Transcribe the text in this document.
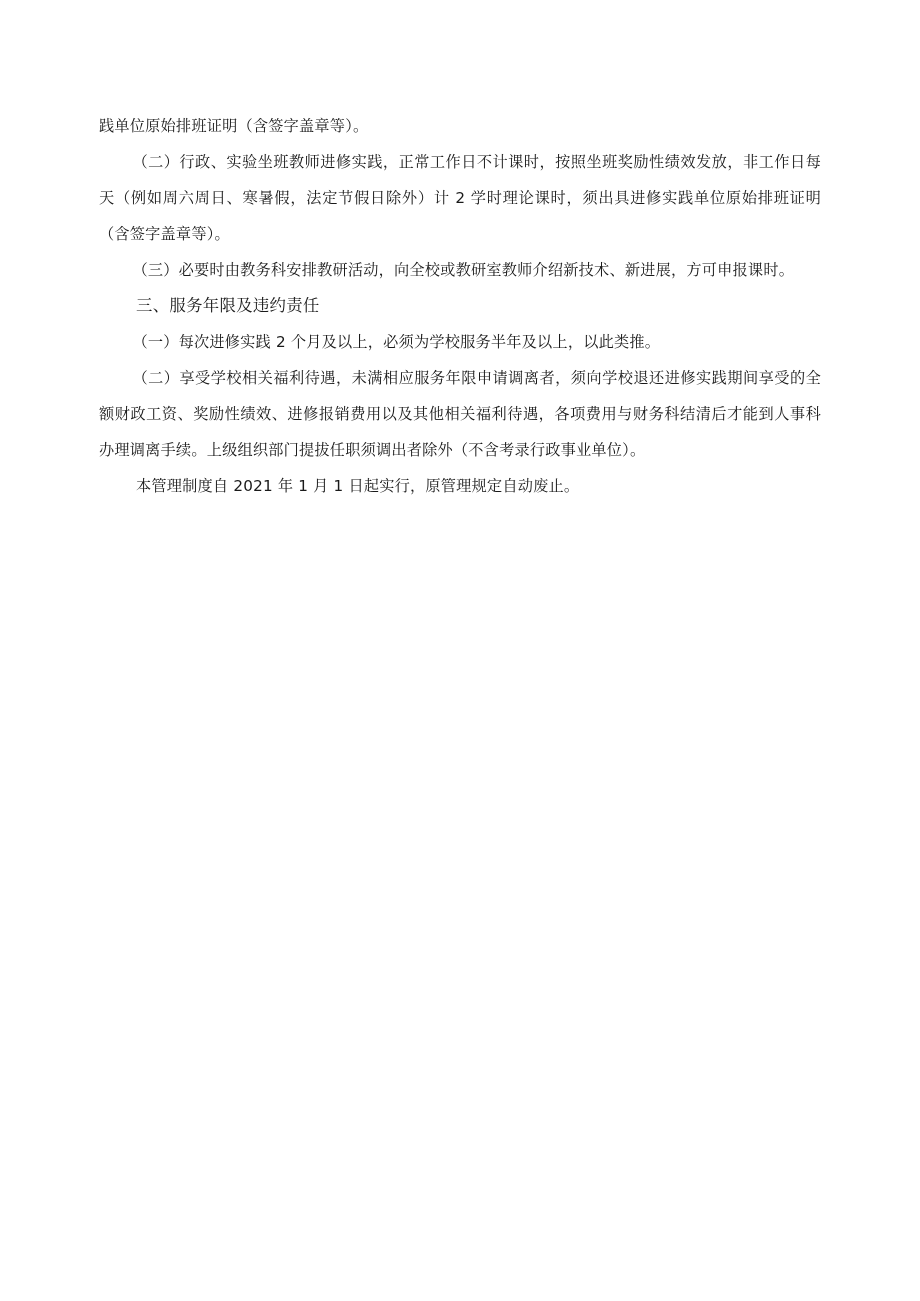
践单位原始排班证明（含签字盖章等）。

（二）行政、实验坐班教师进修实践，正常工作日不计课时，按照坐班奖励性绩效发放，非工作日每天（例如周六周日、寒暑假，法定节假日除外）计 2 学时理论课时，须出具进修实践单位原始排班证明（含签字盖章等）。

（三）必要时由教务科安排教研活动，向全校或教研室教师介绍新技术、新进展，方可申报课时。

三、服务年限及违约责任

（一）每次进修实践 2 个月及以上，必须为学校服务半年及以上，以此类推。

（二）享受学校相关福利待遇，未满相应服务年限申请调离者，须向学校退还进修实践期间享受的全额财政工资、奖励性绩效、进修报销费用以及其他相关福利待遇，各项费用与财务科结清后才能到人事科办理调离手续。上级组织部门提拔任职须调出者除外（不含考录行政事业单位）。

本管理制度自 2021 年 1 月 1 日起实行，原管理规定自动废止。
